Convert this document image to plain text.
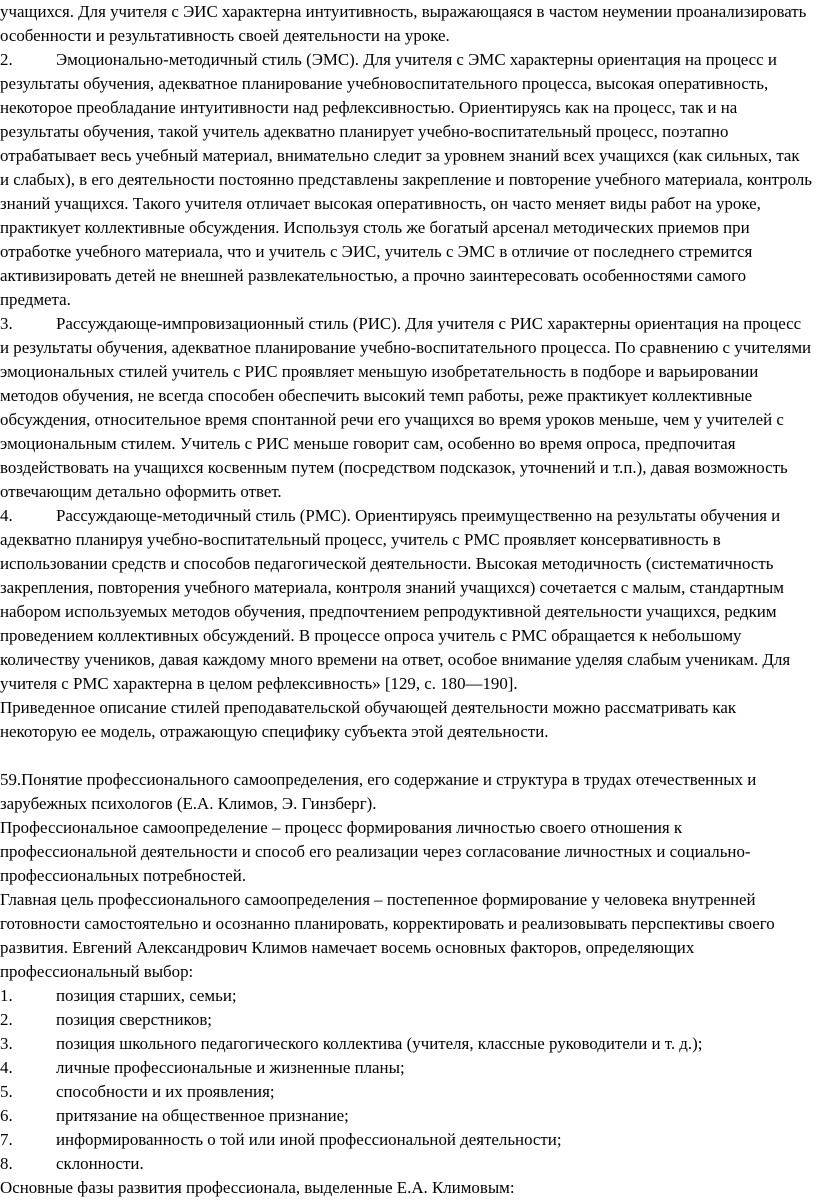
учащихся. Для учителя с ЭИС характерна интуитивность, выражающаяся в частом неумении проанализировать особенности и результативность своей деятельности на уроке.

2.	Эмоционально-методичный стиль (ЭМС). Для учителя с ЭМС характерны ориентация на процесс и результаты обучения, адекватное планирование учебновоспитательного процесса, высокая оперативность, некоторое преобладание интуитивности над рефлексивностью. Ориентируясь как на процесс, так и на результаты обучения, такой учитель адекватно планирует учебно-воспитательный процесс, поэтапно отрабатывает весь учебный материал, внимательно следит за уровнем знаний всех учащихся (как сильных, так и слабых), в его деятельности постоянно представлены закрепление и повторение учебного материала, контроль знаний учащихся. Такого учителя отличает высокая оперативность, он часто меняет виды работ на уроке, практикует коллективные обсуждения. Используя столь же богатый арсенал методических приемов при отработке учебного материала, что и учитель с ЭИС, учитель с ЭМС в отличие от последнего стремится активизировать детей не внешней развлекательностью, а прочно заинтересовать особенностями самого предмета.

3.	Рассуждающе-импровизационный стиль (РИС). Для учителя с РИС характерны ориентация на процесс и результаты обучения, адекватное планирование учебно-воспитательного процесса. По сравнению с учителями эмоциональных стилей учитель с РИС проявляет меньшую изобретательность в подборе и варьировании методов обучения, не всегда способен обеспечить высокий темп работы, реже практикует коллективные обсуждения, относительное время спонтанной речи его учащихся во время уроков меньше, чем у учителей с эмоциональным стилем. Учитель с РИС меньше говорит сам, особенно во время опроса, предпочитая воздействовать на учащихся косвенным путем (посредством подсказок, уточнений и т.п.), давая возможность отвечающим детально оформить ответ.

4.	Рассуждающе-методичный стиль (РМС). Ориентируясь преимущественно на результаты обучения и адекватно планируя учебно-воспитательный процесс, учитель с РМС проявляет консервативность в использовании средств и способов педагогической деятельности. Высокая методичность (систематичность закрепления, повторения учебного материала, контроля знаний учащихся) сочетается с малым, стандартным набором используемых методов обучения, предпочтением репродуктивной деятельности учащихся, редким проведением коллективных обсуждений. В процессе опроса учитель с РМС обращается к небольшому количеству учеников, давая каждому много времени на ответ, особое внимание уделяя слабым ученикам. Для учителя с РМС характерна в целом рефлексивность» [129, с. 180—190].

Приведенное описание стилей преподавательской обучающей деятельности можно рассматривать как некоторую ее модель, отражающую специфику субъекта этой деятельности.

59.Понятие профессионального самоопределения, его содержание и структура в трудах отечественных и зарубежных психологов (Е.А. Климов, Э. Гинзберг).

Профессиональное самоопределение – процесс формирования личностью своего отношения к профессиональной деятельности и способ его реализации через согласование личностных и социально-профессиональных потребностей.

Главная цель профессионального самоопределения – постепенное формирование у человека внутренней готовности самостоятельно и осознанно планировать, корректировать и реализовывать перспективы своего развития. Евгений Александрович Климов намечает восемь основных факторов, определяющих профессиональный выбор:

1.	позиция старших, семьи;
2.	позиция сверстников;
3.	позиция школьного педагогического коллектива (учителя, классные руководители и т. д.);
4.	личные профессиональные и жизненные планы;
5.	способности и их проявления;
6.	притязание на общественное признание;
7.	информированность о той или иной профессиональной деятельности;
8.	склонности.

Основные фазы развития профессионала, выделенные Е.А. Климовым:
